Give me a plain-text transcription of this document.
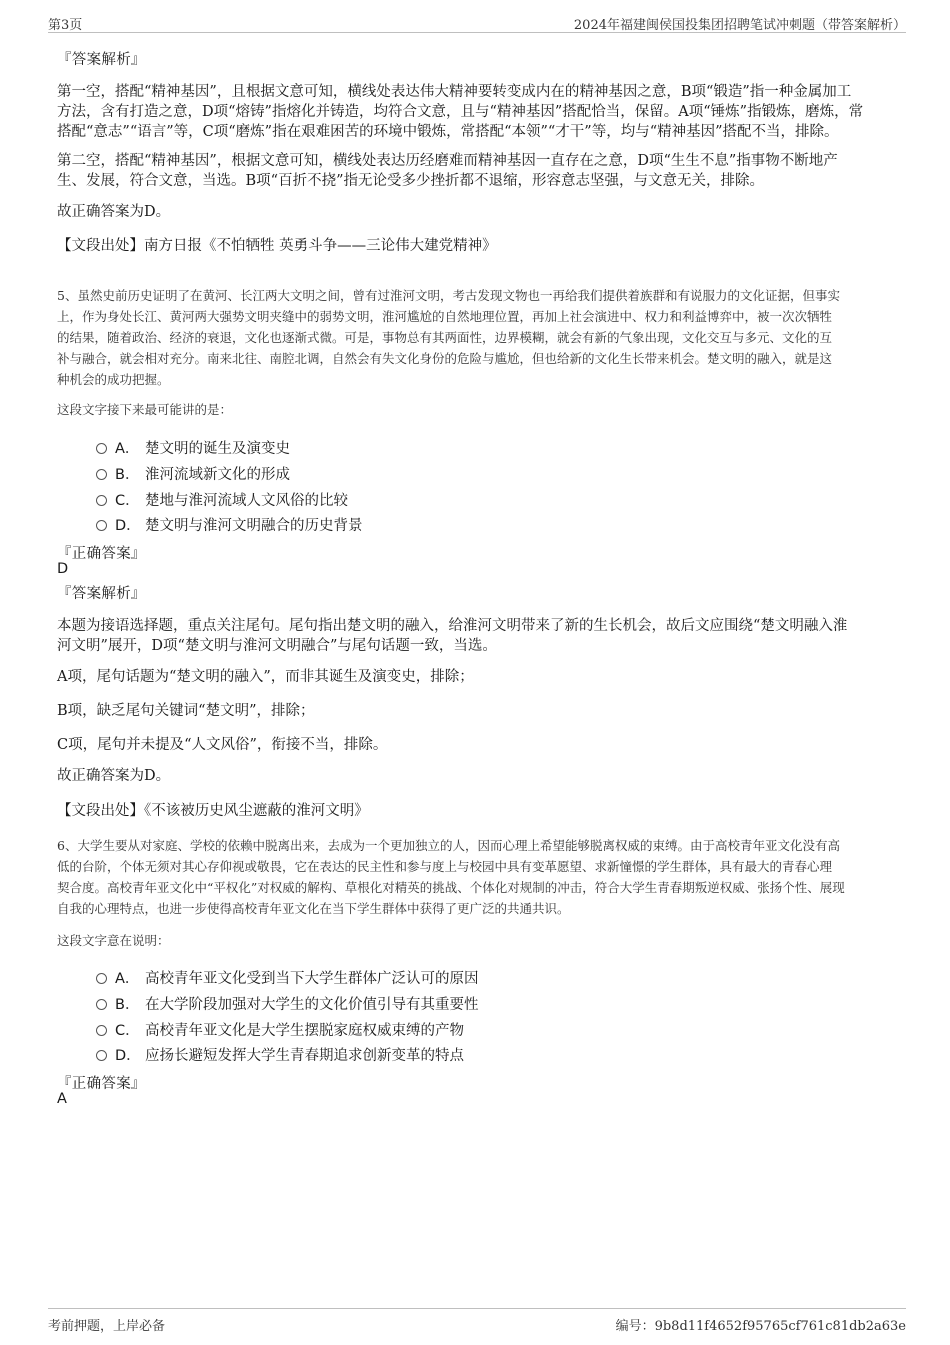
第3页	2024年福建闽侯国投集团招聘笔试冲刺题（带答案解析）
『答案解析』
第一空，搭配“精神基因”，且根据文意可知，横线处表达伟大精神要转变成内在的精神基因之意，B项“锻造”指一种金属加工
方法，含有打造之意，D项“熔铸”指熔化并铸造，均符合文意，且与“精神基因”搭配恰当，保留。A项“锤炼”指锻炼，磨炼，常
搭配“意志”“语言”等，C项“磨炼”指在艰难困苦的环境中锻炼，常搭配“本领”“才干”等，均与“精神基因”搭配不当，排除。
第二空，搭配“精神基因”，根据文意可知，横线处表达历经磨难而精神基因一直存在之意，D项“生生不息”指事物不断地产
生、发展，符合文意，当选。B项“百折不挠”指无论受多少挫折都不退缩，形容意志坚强，与文意无关，排除。
故正确答案为D。
【文段出处】南方日报《不怕牺牲 英勇斗争——三论伟大建党精神》
5、虽然史前历史证明了在黄河、长江两大文明之间，曾有过淮河文明，考古发现文物也一再给我们提供着族群和有说服力的文化证据，但事实
上，作为身处长江、黄河两大强势文明夹缝中的弱势文明，淮河尴尬的自然地理位置，再加上社会演进中、权力和利益博弈中，被一次次牺牲
的结果，随着政治、经济的衰退，文化也逐渐式微。可是，事物总有其两面性，边界模糊，就会有新的气象出现，文化交互与多元、文化的互
补与融合，就会相对充分。南来北往、南腔北调，自然会有失文化身份的危险与尴尬，但也给新的文化生长带来机会。楚文明的融入，就是这
种机会的成功把握。
这段文字接下来最可能讲的是：
A． 楚文明的诞生及演变史
B． 淮河流域新文化的形成
C． 楚地与淮河流域人文风俗的比较
D． 楚文明与淮河文明融合的历史背景
『正确答案』
D
『答案解析』
本题为接语选择题，重点关注尾句。尾句指出楚文明的融入，给淮河文明带来了新的生长机会，故后文应围绕“楚文明融入淮
河文明”展开，D项“楚文明与淮河文明融合”与尾句话题一致，当选。
A项，尾句话题为“楚文明的融入”，而非其诞生及演变史，排除；
B项，缺乏尾句关键词“楚文明”，排除；
C项，尾句并未提及“人文风俗”，衔接不当，排除。
故正确答案为D。
【文段出处】《不该被历史风尘遮蔽的淮河文明》
6、大学生要从对家庭、学校的依赖中脱离出来，去成为一个更加独立的人，因而心理上希望能够脱离权威的束缚。由于高校青年亚文化没有高
低的台阶，个体无须对其心存仰视或敬畏，它在表达的民主性和参与度上与校园中具有变革愿望、求新憧憬的学生群体，具有最大的青春心理
契合度。高校青年亚文化中“平权化”对权威的解构、草根化对精英的挑战、个体化对规制的冲击，符合大学生青春期叛逆权威、张扬个性、展现
自我的心理特点，也进一步使得高校青年亚文化在当下学生群体中获得了更广泛的共通共识。
这段文字意在说明：
A． 高校青年亚文化受到当下大学生群体广泛认可的原因
B． 在大学阶段加强对大学生的文化价值引导有其重要性
C． 高校青年亚文化是大学生摆脱家庭权威束缚的产物
D． 应扬长避短发挥大学生青春期追求创新变革的特点
『正确答案』
A
考前押题，上岸必备	编号：9b8d11f4652f95765cf761c81db2a63e
